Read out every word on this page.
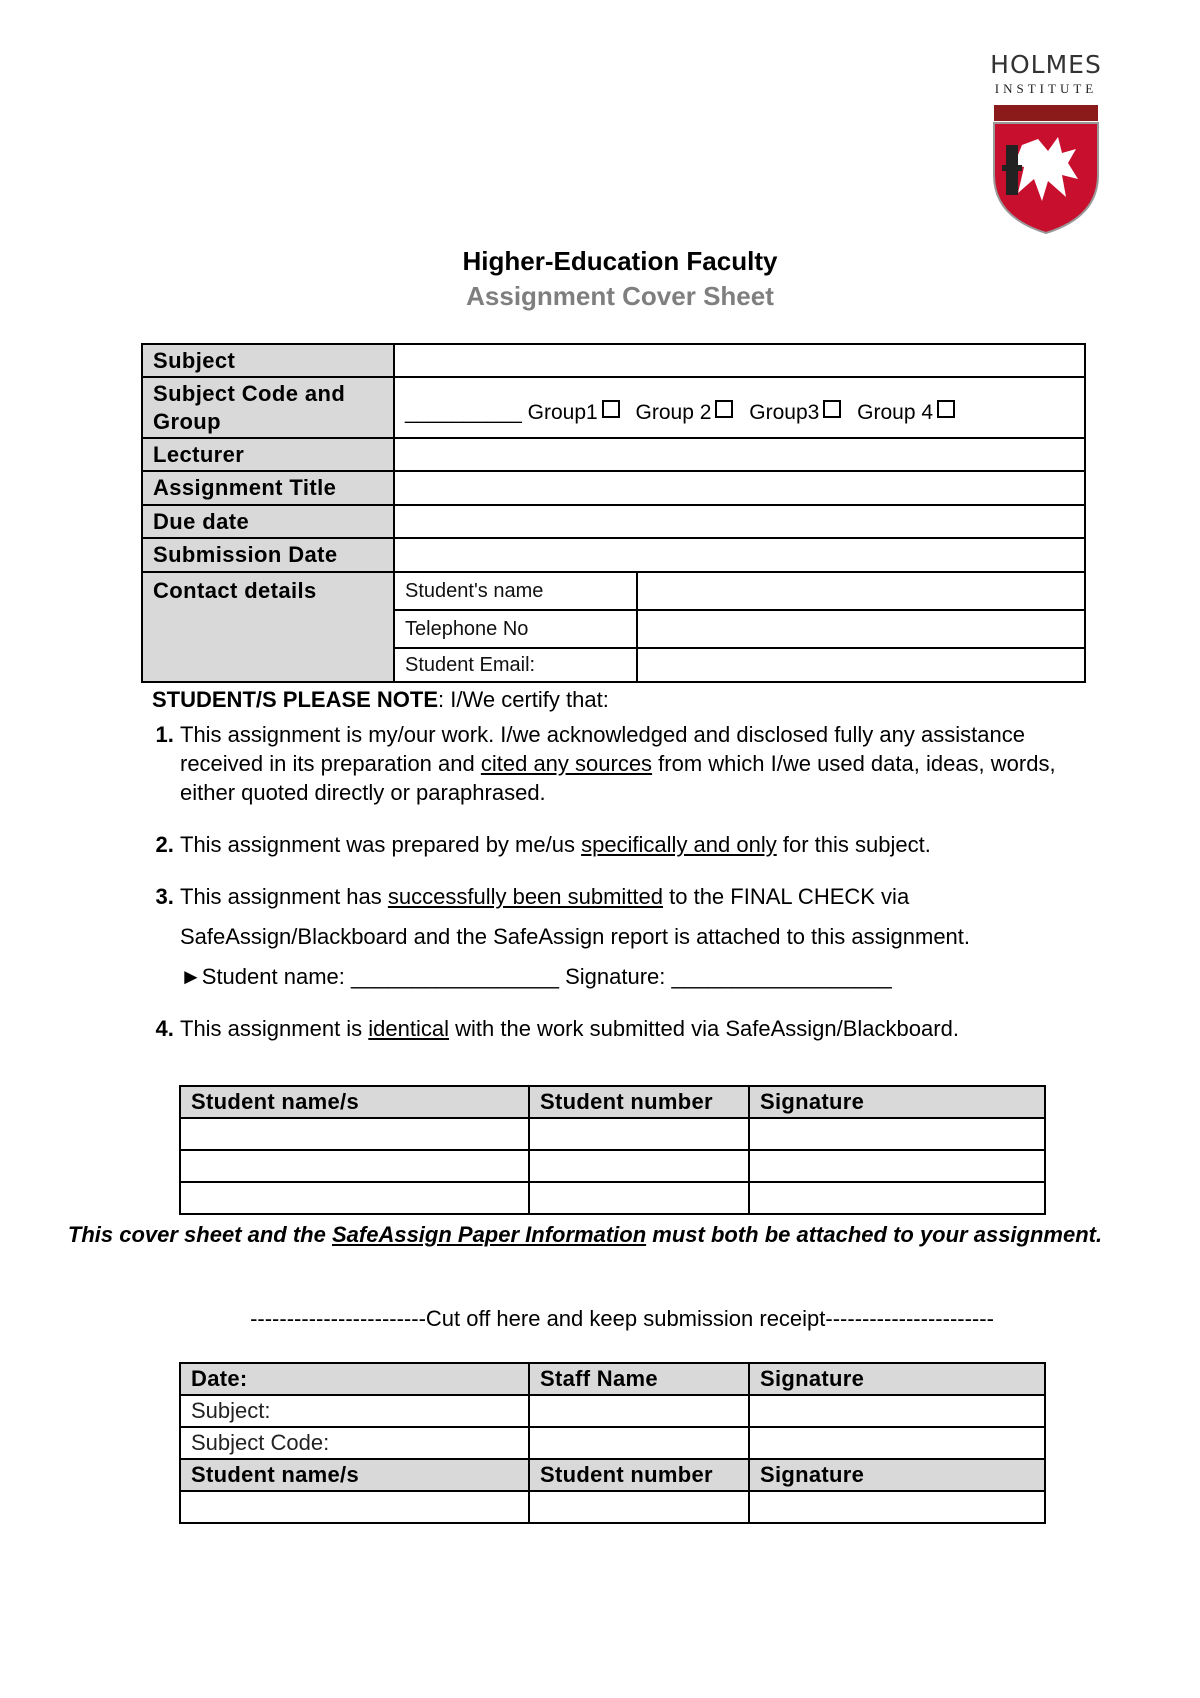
HOLMES
INSTITUTE
Higher-Education Faculty
Assignment Cover Sheet
Subject		
Subject Code and Group	__________ Group1 Group 2 Group3 Group 4	
Lecturer		
Assignment Title		
Due date		
Submission Date		
Contact details	Student's name	
	Telephone No	
	Student Email:	
STUDENT/S PLEASE NOTE: I/We certify that:
1. This assignment is my/our work. I/we acknowledged and disclosed fully any assistance received in its preparation and cited any sources from which I/we used data, ideas, words, either quoted directly or paraphrased.
2. This assignment was prepared by me/us specifically and only for this subject.
3. This assignment has successfully been submitted to the FINAL CHECK via
SafeAssign/Blackboard and the SafeAssign report is attached to this assignment.
►Student name: _________________ Signature: __________________
4. This assignment is identical with the work submitted via SafeAssign/Blackboard.
Student name/s	Student number	Signature

This cover sheet and the SafeAssign Paper Information must both be attached to your assignment.
------------------------Cut off here and keep submission receipt-----------------------
Date:	Staff Name	Signature
Subject:		
Subject Code:		
Student name/s	Student number	Signature
